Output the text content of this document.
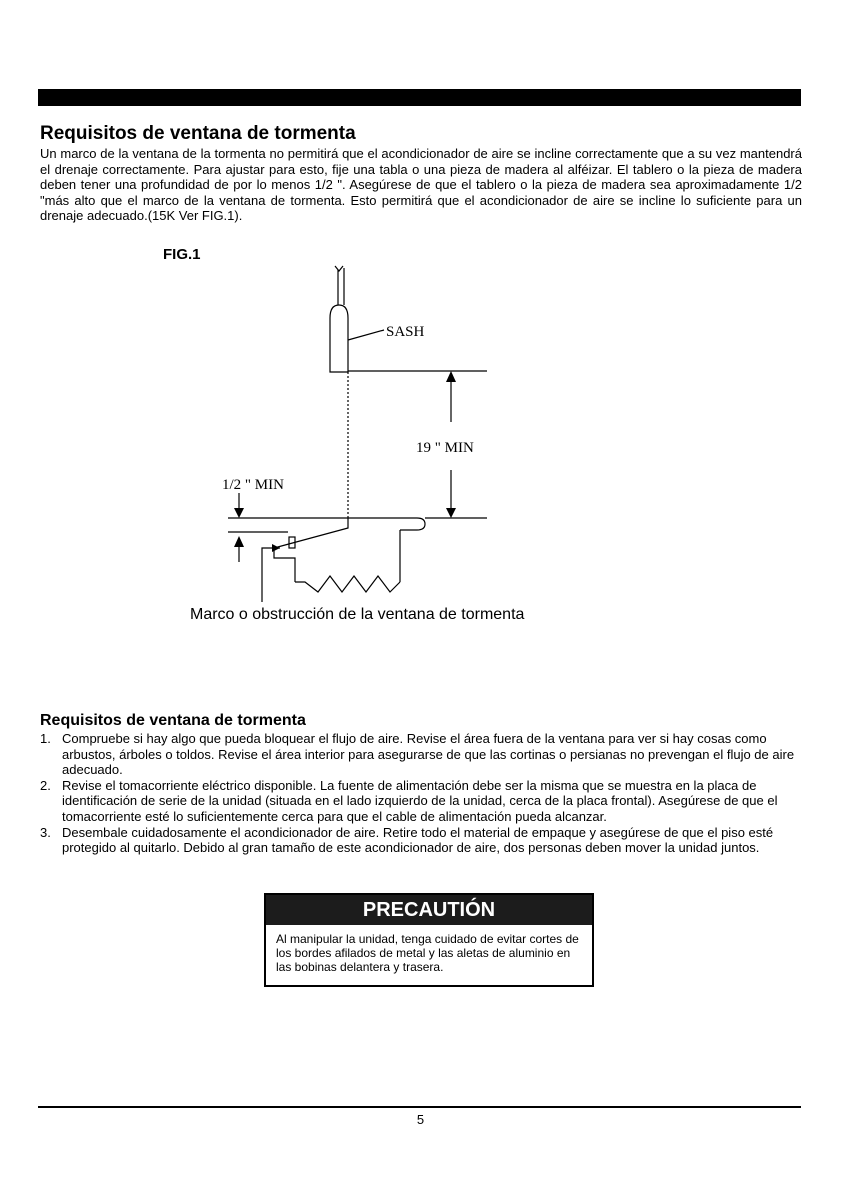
Requisitos de ventana de tormenta

Un marco de la ventana de la tormenta no permitirá que el acondicionador de aire se incline correctamente que a su vez mantendrá el drenaje correctamente. Para ajustar para esto, fije una tabla o una pieza de madera al alféizar. El tablero o la pieza de madera deben tener una profundidad de por lo menos 1/2 ". Asegúrese de que el tablero o la pieza de madera sea aproximadamente 1/2 "más alto que el marco de la ventana de tormenta. Esto permitirá que el acondicionador de aire se incline lo suficiente para un drenaje adecuado.(15K Ver FIG.1).

FIG.1
SASH
19 " MIN
1/2 " MIN
Marco o obstrucción de la ventana de tormenta
Requisitos de ventana de tormenta
1. Compruebe si hay algo que pueda bloquear el flujo de aire. Revise el área fuera de la ventana para ver si hay cosas como arbustos, árboles o toldos. Revise el área interior para asegurarse de que las cortinas o persianas no prevengan el flujo de aire adecuado.
2. Revise el tomacorriente eléctrico disponible. La fuente de alimentación debe ser la misma que se muestra en la placa de identificación de serie de la unidad (situada en el lado izquierdo de la unidad, cerca de la placa frontal). Asegúrese de que el tomacorriente esté lo suficientemente cerca para que el cable de alimentación pueda alcanzar.
3. Desembale cuidadosamente el acondicionador de aire. Retire todo el material de empaque y asegúrese de que el piso esté protegido al quitarlo. Debido al gran tamaño de este acondicionador de aire, dos personas deben mover la unidad juntos.
PRECAUTIÓN
Al manipular la unidad, tenga cuidado de evitar cortes de los bordes afilados de metal y las aletas de aluminio en las bobinas delantera y trasera.
5
